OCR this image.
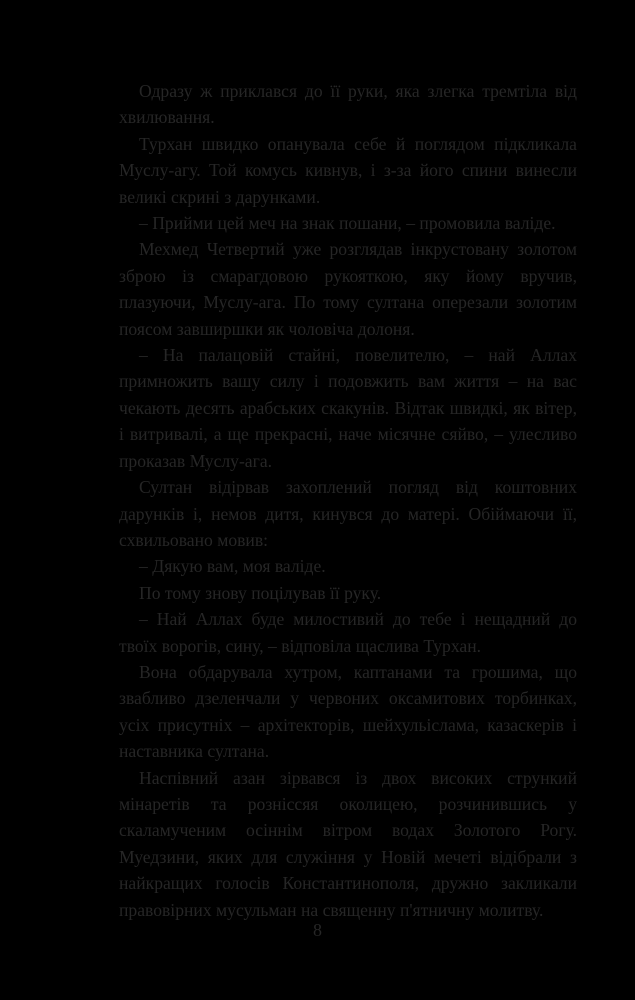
Одразу ж приклався до її руки, яка злегка тремтіла від хвилювання.

Турхан швидко опанувала себе й поглядом підкликала Муслу-агу. Той комусь кивнув, і з-за його спини винесли великі скрині з дарунками.

– Прийми цей меч на знак пошани, – промовила валіде.

Мехмед Четвертий уже розглядав інкрустовану золотом зброю із смарагдовою рукояткою, яку йому вручив, плазуючи, Муслу-ага. По тому султана оперезали золотим поясом завширшки як чоловіча долоня.

– На палацовій стайні, повелителю, – най Аллах примножить вашу силу і подовжить вам життя – на вас чекають десять арабських скакунів. Відтак швидкі, як вітер, і витривалі, а ще прекрасні, наче місячне сяйво, – улесливо проказав Муслу-ага.

Султан відірвав захоплений погляд від коштовних дарунків і, немов дитя, кинувся до матері. Обіймаючи її, схвильовано мовив:

– Дякую вам, моя валіде.

По тому знову поцілував її руку.

– Най Аллах буде милостивий до тебе і нещадний до твоїх ворогів, сину, – відповіла щаслива Турхан.

Вона обдарувала хутром, каптанами та грошима, що звабливо дзеленчали у червоних оксамитових торбинках, усіх присутніх – архітекторів, шейхульіслама, казаскерів і наставника султана.

Наспівний азан зірвався із двох високих стрункий мінаретів та розніссяя околицею, розчинившись у скаламученим осіннім вітром водах Золотого Рогу. Муедзини, яких для служіння у Новій мечеті відібрали з найкращих голосів Константинополя, дружно закликали правовірних мусульман на священну п'ятничну молитву.

8
